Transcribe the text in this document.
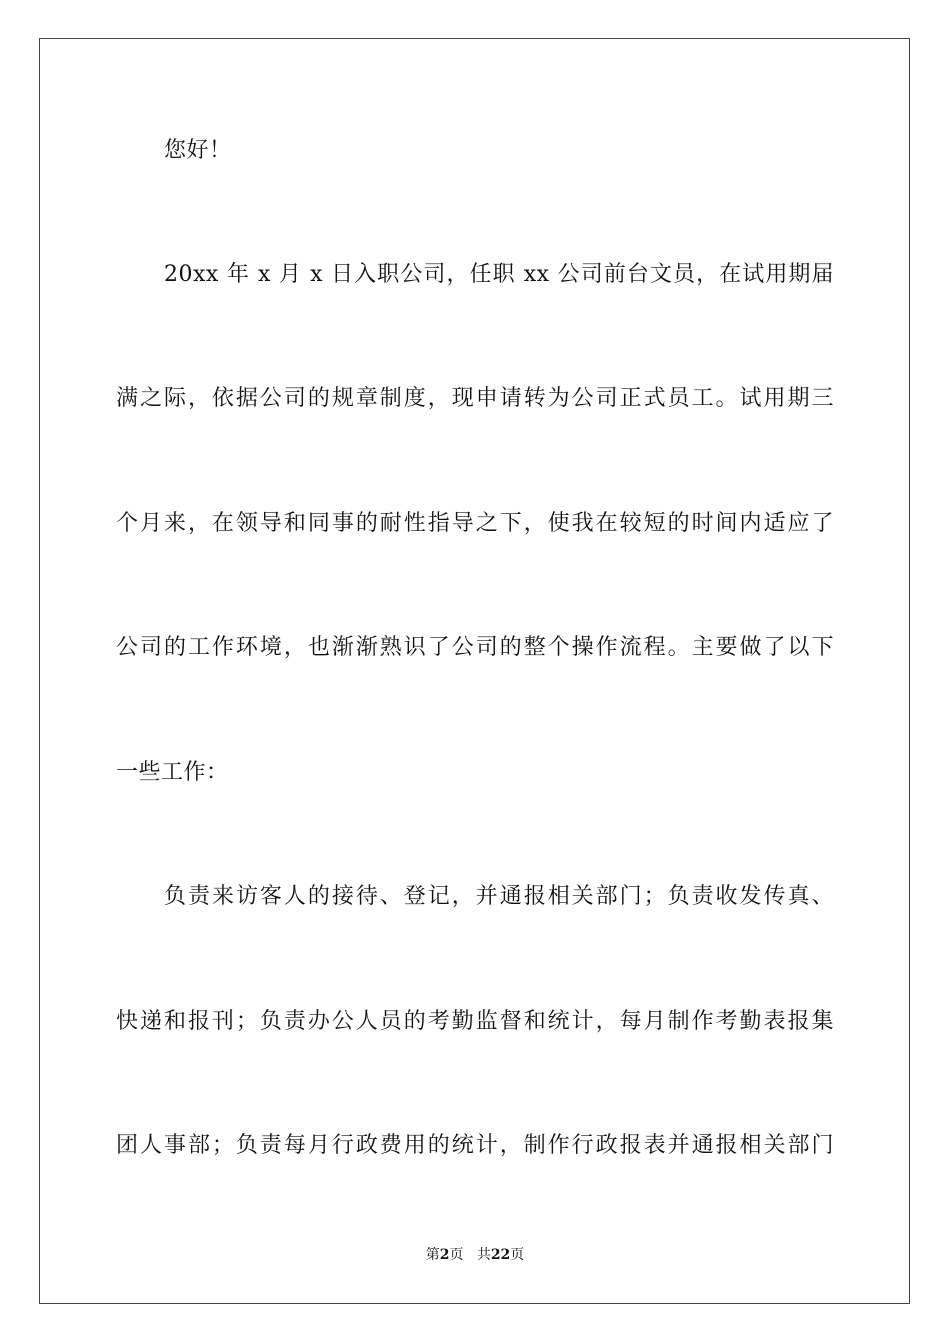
您好！
20xx 年 x 月 x 日入职公司，任职 xx 公司前台文员，在试用期届
满之际，依据公司的规章制度，现申请转为公司正式员工。试用期三
个月来，在领导和同事的耐性指导之下，使我在较短的时间内适应了
公司的工作环境，也渐渐熟识了公司的整个操作流程。主要做了以下
一些工作：
负责来访客人的接待、登记，并通报相关部门；负责收发传真、
快递和报刊；负责办公人员的考勤监督和统计，每月制作考勤表报集
团人事部；负责每月行政费用的统计，制作行政报表并通报相关部门
第2页 共22页
